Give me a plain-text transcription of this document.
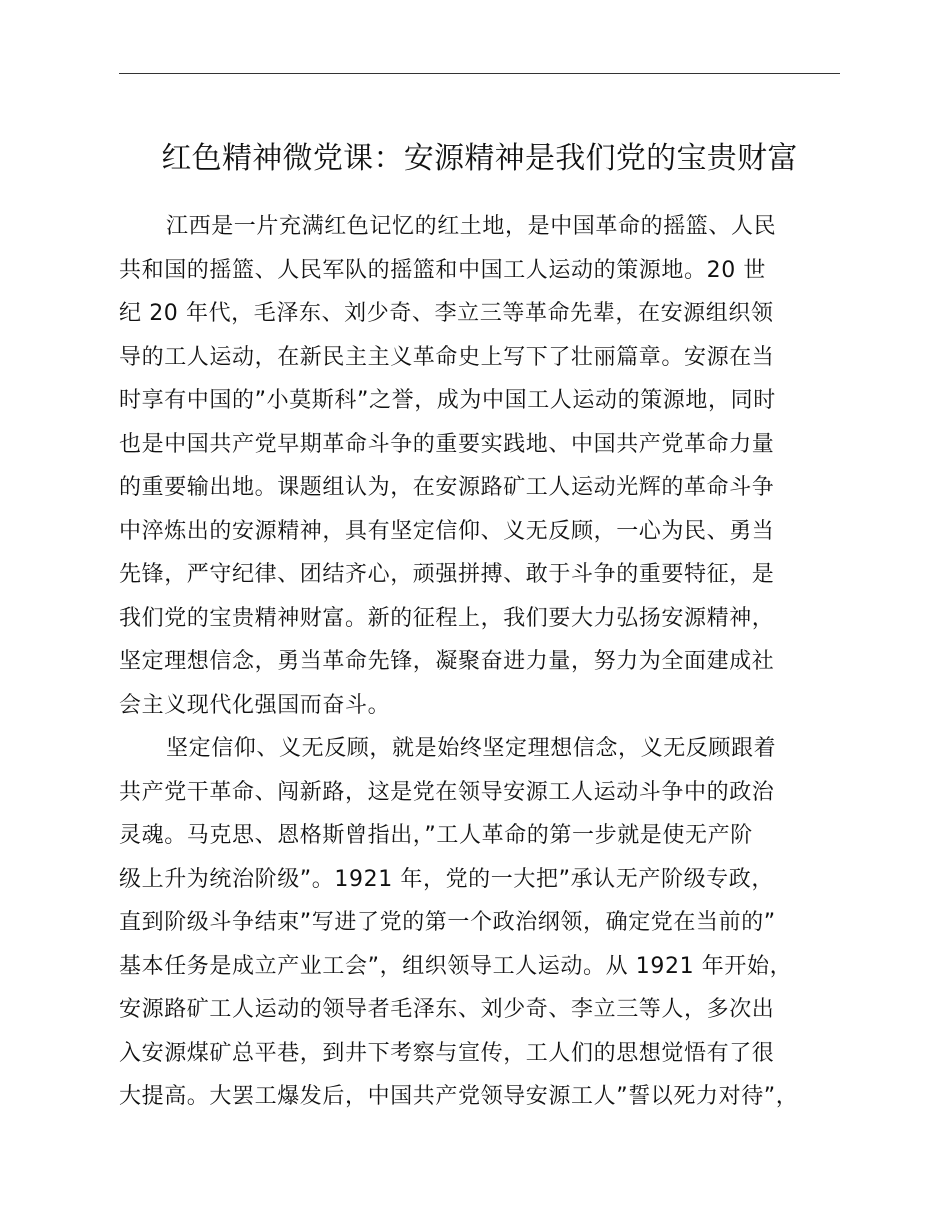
红色精神微党课：安源精神是我们党的宝贵财富
江西是一片充满红色记忆的红土地，是中国革命的摇篮、人民
共和国的摇篮、人民军队的摇篮和中国工人运动的策源地。20 世
纪 20 年代，毛泽东、刘少奇、李立三等革命先辈，在安源组织领
导的工人运动，在新民主主义革命史上写下了壮丽篇章。安源在当
时享有中国的”小莫斯科”之誉，成为中国工人运动的策源地，同时
也是中国共产党早期革命斗争的重要实践地、中国共产党革命力量
的重要输出地。课题组认为，在安源路矿工人运动光辉的革命斗争
中淬炼出的安源精神，具有坚定信仰、义无反顾，一心为民、勇当
先锋，严守纪律、团结齐心，顽强拼搏、敢于斗争的重要特征，是
我们党的宝贵精神财富。新的征程上，我们要大力弘扬安源精神，
坚定理想信念，勇当革命先锋，凝聚奋进力量，努力为全面建成社
会主义现代化强国而奋斗。
坚定信仰、义无反顾，就是始终坚定理想信念，义无反顾跟着
共产党干革命、闯新路，这是党在领导安源工人运动斗争中的政治
灵魂。马克思、恩格斯曾指出，”工人革命的第一步就是使无产阶
级上升为统治阶级”。1921 年，党的一大把”承认无产阶级专政，
直到阶级斗争结束”写进了党的第一个政治纲领，确定党在当前的”
基本任务是成立产业工会”，组织领导工人运动。从 1921 年开始，
安源路矿工人运动的领导者毛泽东、刘少奇、李立三等人，多次出
入安源煤矿总平巷，到井下考察与宣传，工人们的思想觉悟有了很
大提高。大罢工爆发后，中国共产党领导安源工人”誓以死力对待”，
